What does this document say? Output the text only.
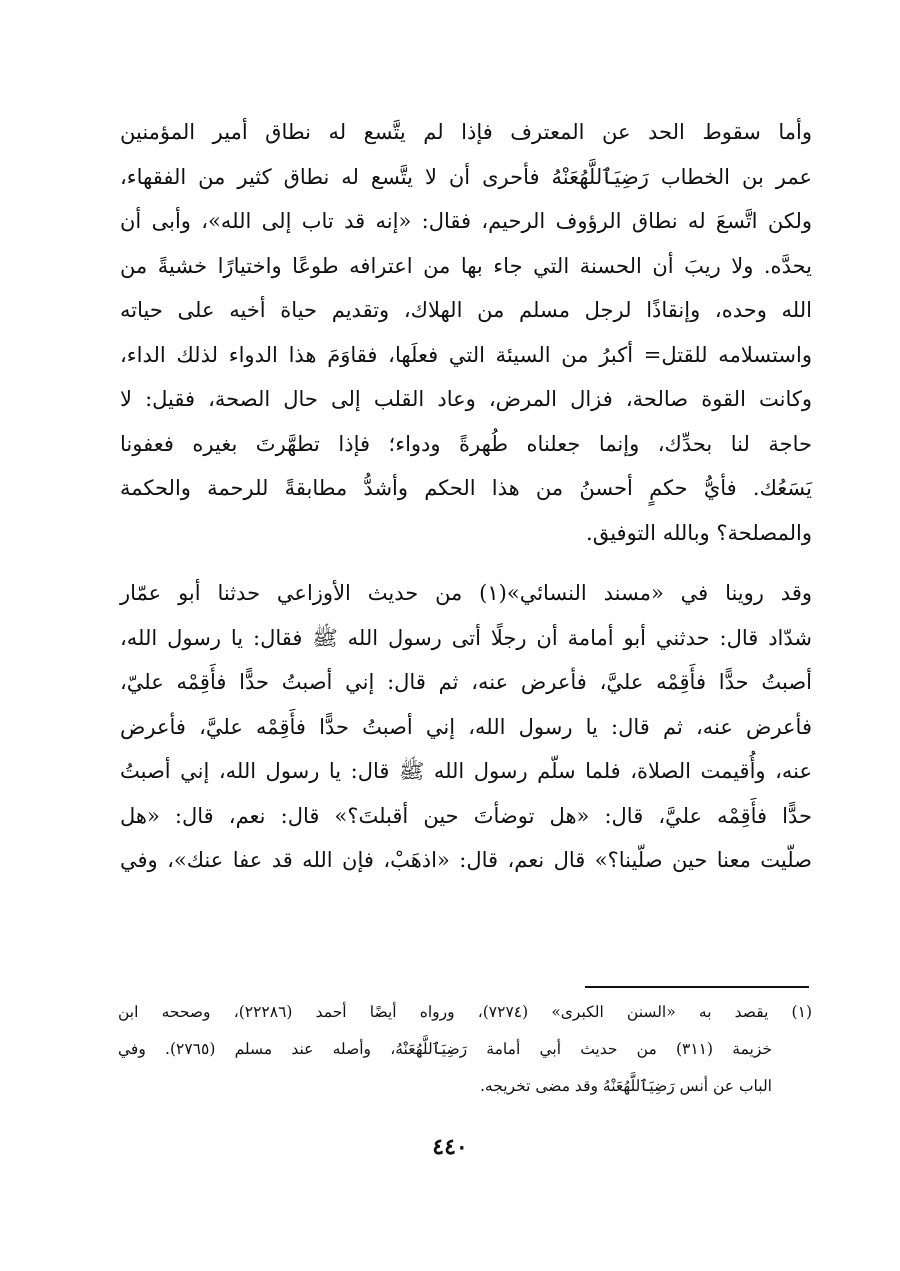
وأما سقوط الحد عن المعترف فإذا لم يتَّسع له نطاق أمير المؤمنين
عمر بن الخطاب رَضِيَٱللَّهُعَنْهُ فأحرى أن لا يتَّسع له نطاق كثير من الفقهاء،
ولكن اتَّسعَ له نطاق الرؤوف الرحيم، فقال: «إنه قد تاب إلى الله»، وأبى أن
يحدَّه. ولا ريبَ أن الحسنة التي جاء بها من اعترافه طوعًا واختيارًا خشيةً من
الله وحده، وإنقاذًا لرجل مسلم من الهلاك، وتقديم حياة أخيه على حياته
واستسلامه للقتل= أكبرُ من السيئة التي فعلَها، فقاوَمَ هذا الدواء لذلك الداء،
وكانت القوة صالحة، فزال المرض، وعاد القلب إلى حال الصحة، فقيل: لا
حاجة لنا بحدِّك، وإنما جعلناه طُهرةً ودواء؛ فإذا تطهَّرتَ بغيره فعفونا
يَسَعُك. فأيُّ حكمٍ أحسنُ من هذا الحكم وأشدُّ مطابقةً للرحمة والحكمة
والمصلحة؟ وبالله التوفيق.

وقد روينا في «مسند النسائي»(١) من حديث الأوزاعي حدثنا أبو عمّار
شدّاد قال: حدثني أبو أمامة أن رجلًا أتى رسول الله ﷺ فقال: يا رسول الله،
أصبتُ حدًّا فأَقِمْه عليَّ، فأعرض عنه، ثم قال: إني أصبتُ حدًّا فأَقِمْه عليّ،
فأعرض عنه، ثم قال: يا رسول الله، إني أصبتُ حدًّا فأَقِمْه عليَّ، فأعرض
عنه، وأُقيمت الصلاة، فلما سلّم رسول الله ﷺ قال: يا رسول الله، إني أصبتُ
حدًّا فأَقِمْه عليَّ، قال: «هل توضأتَ حين أقبلتَ؟» قال: نعم، قال: «هل
صلّيت معنا حين صلّينا؟» قال نعم، قال: «اذهَبْ، فإن الله قد عفا عنك»، وفي

(١) يقصد به «السنن الكبرى» (٧٢٧٤)، ورواه أيضًا أحمد (٢٢٢٨٦)، وصححه ابن
خزيمة (٣١١) من حديث أبي أمامة رَضِيَٱللَّهُعَنْهُ، وأصله عند مسلم (٢٧٦٥). وفي
الباب عن أنس رَضِيَٱللَّهُعَنْهُ وقد مضى تخريجه.
٤٤٠
